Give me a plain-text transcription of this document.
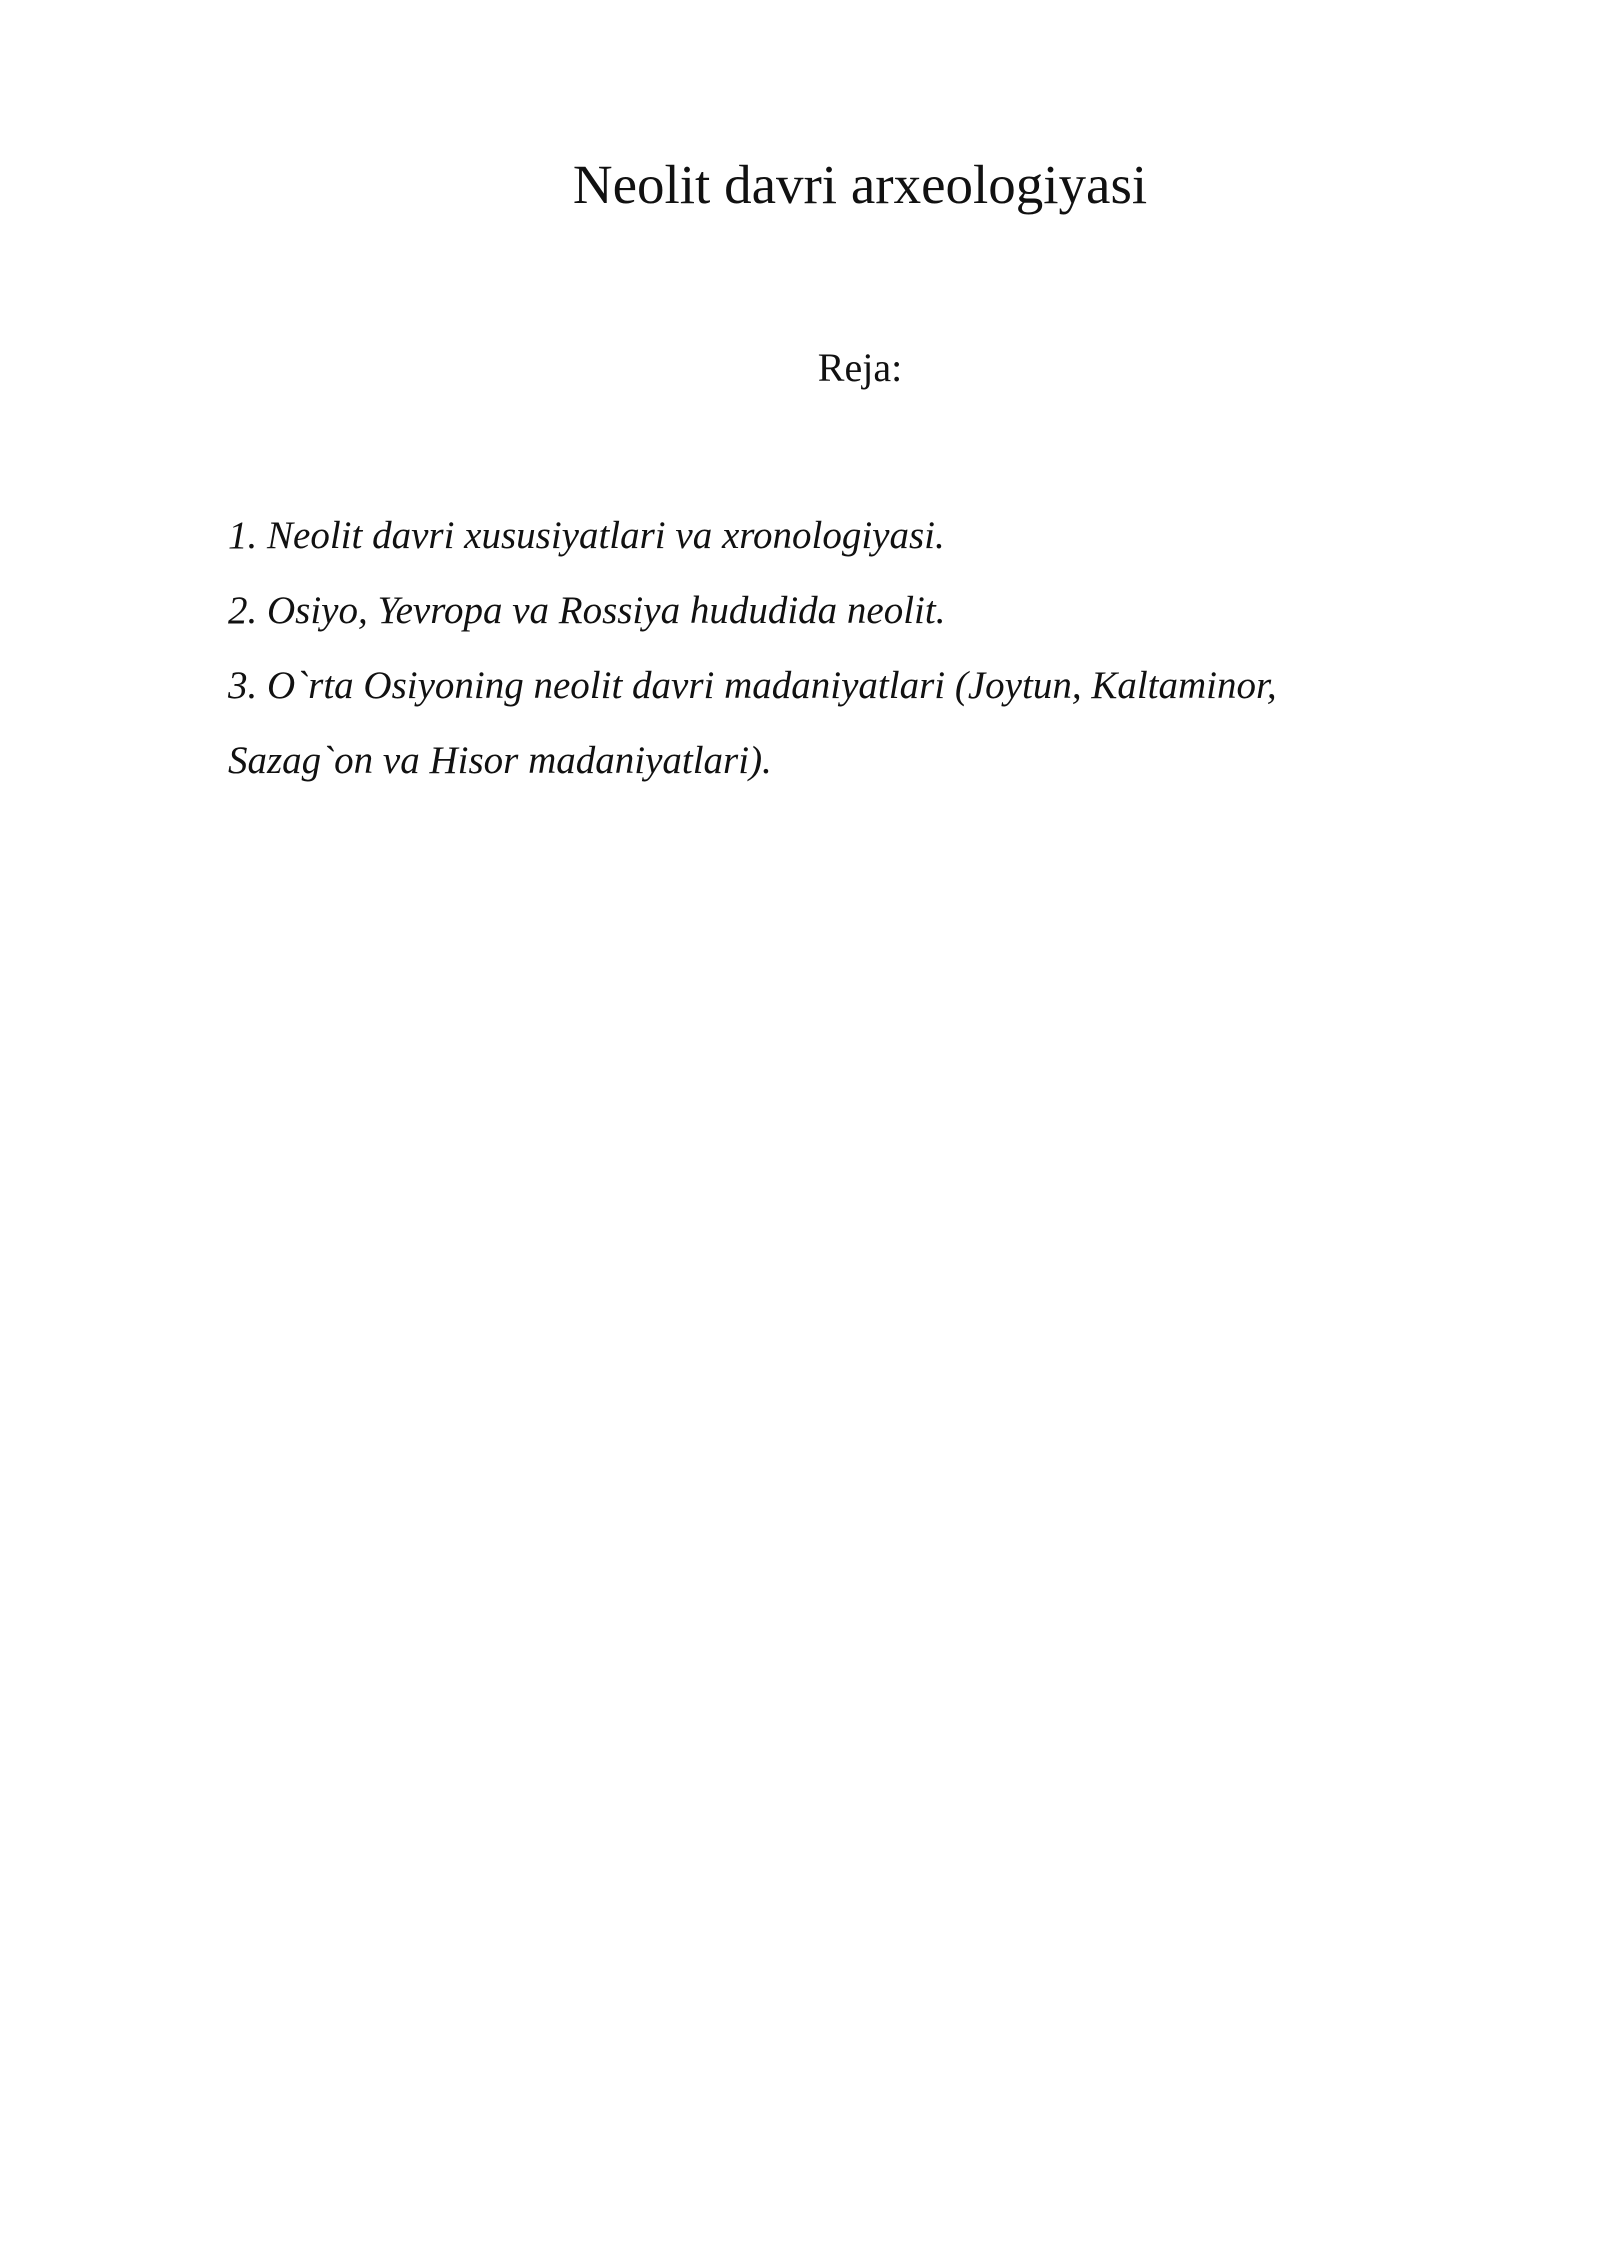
Neolit davri arxeologiyasi

Reja:

1. Neolit davri xususiyatlari va xronologiyasi.
2. Osiyo, Yevropa va Rossiya hududida neolit.
3. O`rta Osiyoning neolit davri madaniyatlari (Joytun, Kaltaminor, Sazag`on va Hisor madaniyatlari).
